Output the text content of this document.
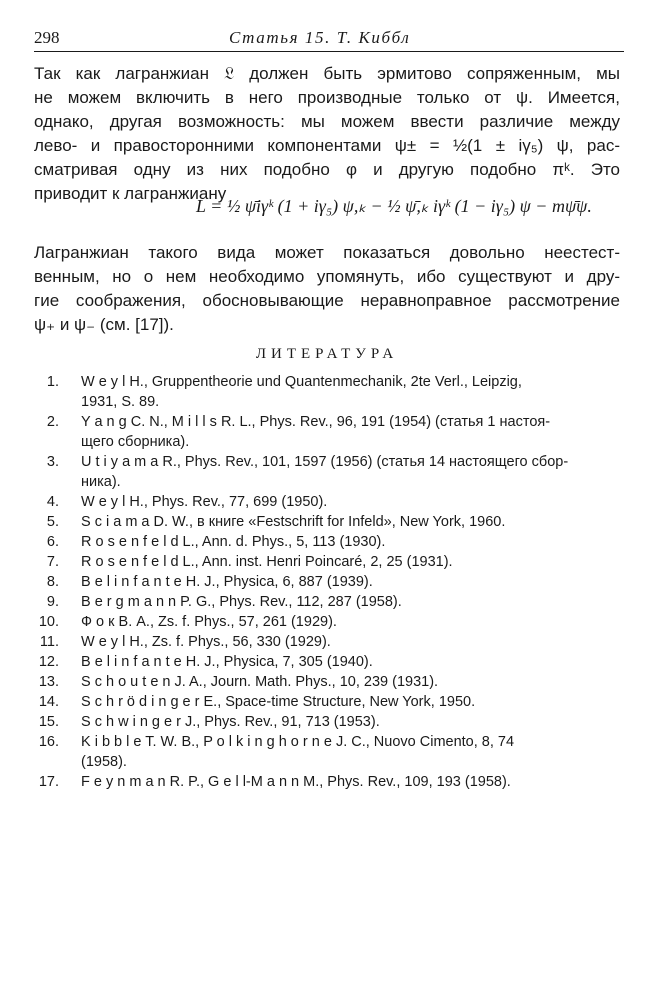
298	Статья 15. Т. Киббл
Так как лагранжиан 𝔏 должен быть эрмитово сопряженным, мы
не можем включить в него производные только от ψ. Имеется,
однако, другая возможность: мы можем ввести различие между
лево- и правосторонними компонентами ψ± = ½(1 ± iγ₅) ψ, рас-
сматривая одну из них подобно φ и другую подобно πᵏ. Это
приводит к лагранжиану
L = ½ ψ̄iγᵏ (1 + iγ₅) ψ,ₖ − ½ ψ̄,ₖ iγᵏ (1 − iγ₅) ψ − mψ̄ψ.
Лагранжиан такого вида может показаться довольно неестест-
венным, но о нем необходимо упомянуть, ибо существуют и дру-
гие соображения, обосновывающие неравноправное рассмотрение
ψ₊ и ψ₋ (см. [17]).
ЛИТЕРАТУРА
1. W e y l H., Gruppentheorie und Quantenmechanik, 2te Verl., Leipzig,
1931, S. 89.
2. Y a n g C. N., M i l l s R. L., Phys. Rev., 96, 191 (1954) (статья 1 настоя-
щего сборника).
3. U t i y a m a R., Phys. Rev., 101, 1597 (1956) (статья 14 настоящего сбор-
ника).
4. W e y l H., Phys. Rev., 77, 699 (1950).
5. S c i a m a D. W., в книге «Festschrift for Infeld», New York, 1960.
6. R o s e n f e l d L., Ann. d. Phys., 5, 113 (1930).
7. R o s e n f e l d L., Ann. inst. Henri Poincaré, 2, 25 (1931).
8. B e l i n f a n t e H. J., Physica, 6, 887 (1939).
9. B e r g m a n n P. G., Phys. Rev., 112, 287 (1958).
10. Ф о к В. А., Zs. f. Phys., 57, 261 (1929).
11. W e y l H., Zs. f. Phys., 56, 330 (1929).
12. B e l i n f a n t e H. J., Physica, 7, 305 (1940).
13. S c h o u t e n J. A., Journ. Math. Phys., 10, 239 (1931).
14. S c h r ö d i n g e r E., Space-time Structure, New York, 1950.
15. S c h w i n g e r J., Phys. Rev., 91, 713 (1953).
16. K i b b l e T. W. B., P o l k i n g h o r n e J. C., Nuovo Cimento, 8, 74
(1958).
17. F e y n m a n R. P., G e l l-M a n n M., Phys. Rev., 109, 193 (1958).
